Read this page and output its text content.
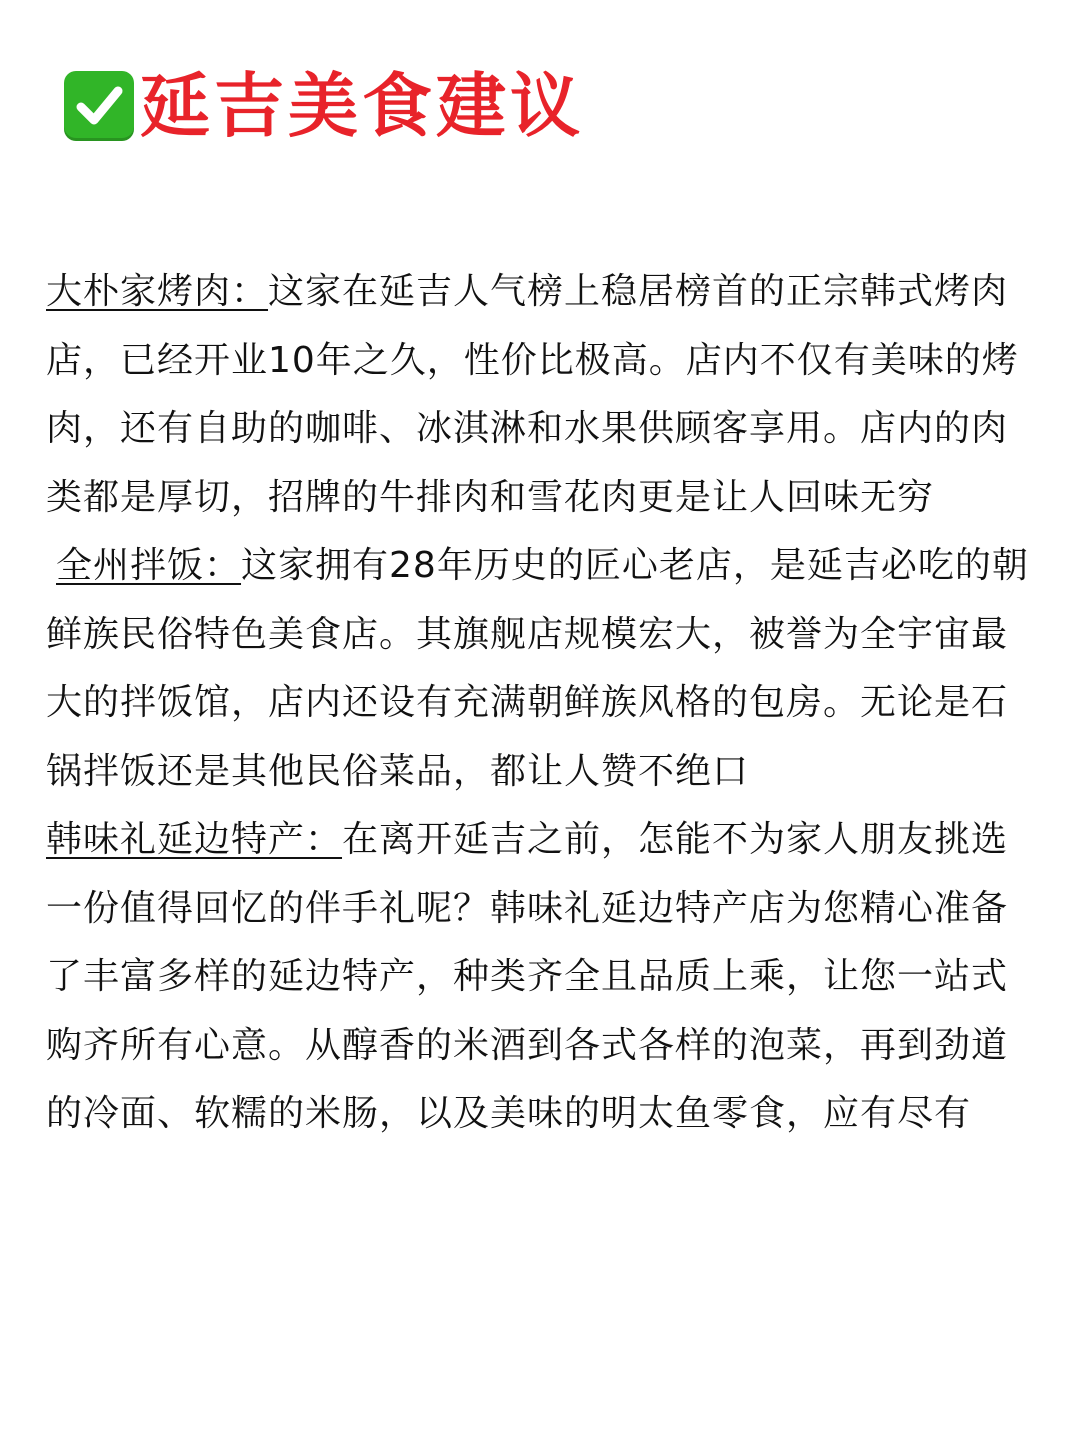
延吉美食建议

大朴家烤肉：这家在延吉人气榜上稳居榜首的正宗韩式烤肉店，已经开业10年之久，性价比极高。店内不仅有美味的烤肉，还有自助的咖啡、冰淇淋和水果供顾客享用。店内的肉类都是厚切，招牌的牛排肉和雪花肉更是让人回味无穷

全州拌饭：这家拥有28年历史的匠心老店，是延吉必吃的朝鲜族民俗特色美食店。其旗舰店规模宏大，被誉为全宇宙最大的拌饭馆，店内还设有充满朝鲜族风格的包房。无论是石锅拌饭还是其他民俗菜品，都让人赞不绝口

韩味礼延边特产：在离开延吉之前，怎能不为家人朋友挑选一份值得回忆的伴手礼呢？韩味礼延边特产店为您精心准备了丰富多样的延边特产，种类齐全且品质上乘，让您一站式购齐所有心意。从醇香的米酒到各式各样的泡菜，再到劲道的冷面、软糯的米肠，以及美味的明太鱼零食，应有尽有
